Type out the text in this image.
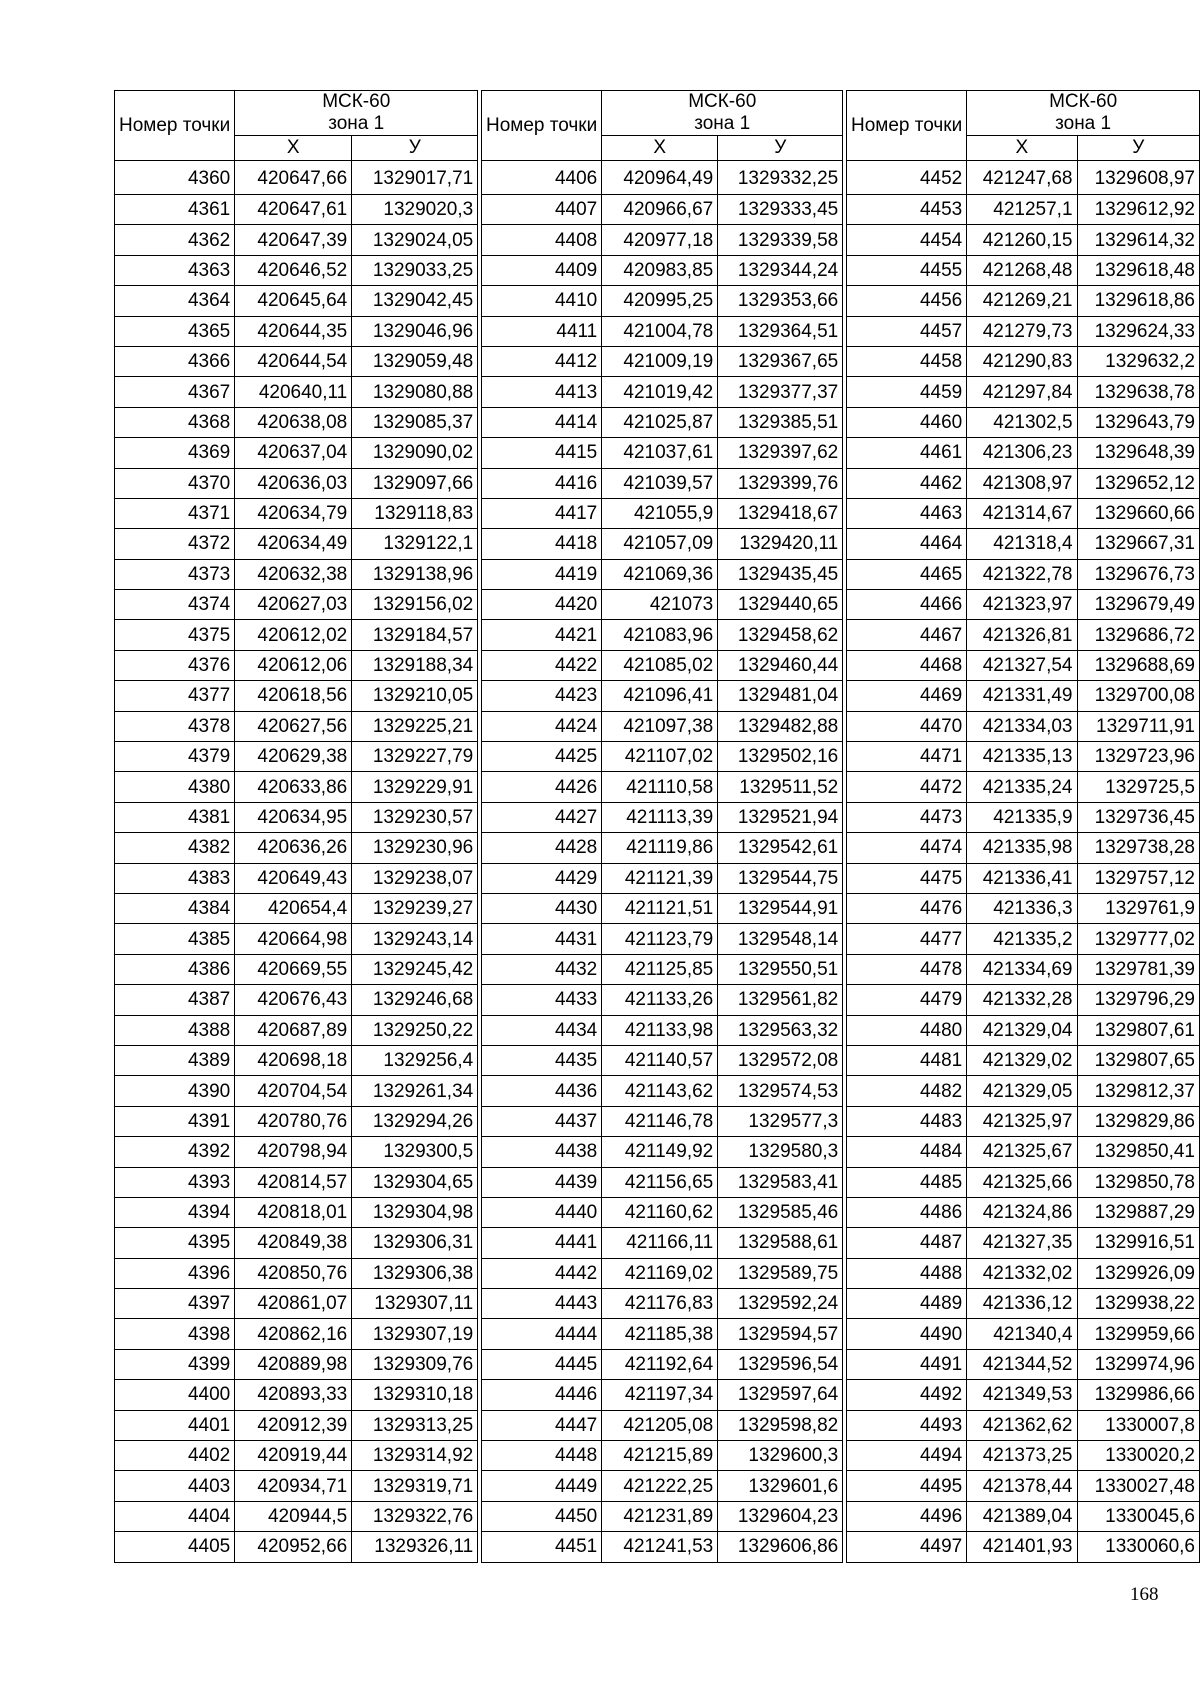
Номер точки	МСК-60
зона 1	
	X	У
4360	420647,66	1329017,71
4361	420647,61	1329020,3
4362	420647,39	1329024,05
4363	420646,52	1329033,25
4364	420645,64	1329042,45
4365	420644,35	1329046,96
4366	420644,54	1329059,48
4367	420640,11	1329080,88
4368	420638,08	1329085,37
4369	420637,04	1329090,02
4370	420636,03	1329097,66
4371	420634,79	1329118,83
4372	420634,49	1329122,1
4373	420632,38	1329138,96
4374	420627,03	1329156,02
4375	420612,02	1329184,57
4376	420612,06	1329188,34
4377	420618,56	1329210,05
4378	420627,56	1329225,21
4379	420629,38	1329227,79
4380	420633,86	1329229,91
4381	420634,95	1329230,57
4382	420636,26	1329230,96
4383	420649,43	1329238,07
4384	420654,4	1329239,27
4385	420664,98	1329243,14
4386	420669,55	1329245,42
4387	420676,43	1329246,68
4388	420687,89	1329250,22
4389	420698,18	1329256,4
4390	420704,54	1329261,34
4391	420780,76	1329294,26
4392	420798,94	1329300,5
4393	420814,57	1329304,65
4394	420818,01	1329304,98
4395	420849,38	1329306,31
4396	420850,76	1329306,38
4397	420861,07	1329307,11
4398	420862,16	1329307,19
4399	420889,98	1329309,76
4400	420893,33	1329310,18
4401	420912,39	1329313,25
4402	420919,44	1329314,92
4403	420934,71	1329319,71
4404	420944,5	1329322,76
4405	420952,66	1329326,11
Номер точки	МСК-60
зона 1	
	X	У
4406	420964,49	1329332,25
4407	420966,67	1329333,45
4408	420977,18	1329339,58
4409	420983,85	1329344,24
4410	420995,25	1329353,66
4411	421004,78	1329364,51
4412	421009,19	1329367,65
4413	421019,42	1329377,37
4414	421025,87	1329385,51
4415	421037,61	1329397,62
4416	421039,57	1329399,76
4417	421055,9	1329418,67
4418	421057,09	1329420,11
4419	421069,36	1329435,45
4420	421073	1329440,65
4421	421083,96	1329458,62
4422	421085,02	1329460,44
4423	421096,41	1329481,04
4424	421097,38	1329482,88
4425	421107,02	1329502,16
4426	421110,58	1329511,52
4427	421113,39	1329521,94
4428	421119,86	1329542,61
4429	421121,39	1329544,75
4430	421121,51	1329544,91
4431	421123,79	1329548,14
4432	421125,85	1329550,51
4433	421133,26	1329561,82
4434	421133,98	1329563,32
4435	421140,57	1329572,08
4436	421143,62	1329574,53
4437	421146,78	1329577,3
4438	421149,92	1329580,3
4439	421156,65	1329583,41
4440	421160,62	1329585,46
4441	421166,11	1329588,61
4442	421169,02	1329589,75
4443	421176,83	1329592,24
4444	421185,38	1329594,57
4445	421192,64	1329596,54
4446	421197,34	1329597,64
4447	421205,08	1329598,82
4448	421215,89	1329600,3
4449	421222,25	1329601,6
4450	421231,89	1329604,23
4451	421241,53	1329606,86
Номер точки	МСК-60
зона 1	
	X	У
4452	421247,68	1329608,97
4453	421257,1	1329612,92
4454	421260,15	1329614,32
4455	421268,48	1329618,48
4456	421269,21	1329618,86
4457	421279,73	1329624,33
4458	421290,83	1329632,2
4459	421297,84	1329638,78
4460	421302,5	1329643,79
4461	421306,23	1329648,39
4462	421308,97	1329652,12
4463	421314,67	1329660,66
4464	421318,4	1329667,31
4465	421322,78	1329676,73
4466	421323,97	1329679,49
4467	421326,81	1329686,72
4468	421327,54	1329688,69
4469	421331,49	1329700,08
4470	421334,03	1329711,91
4471	421335,13	1329723,96
4472	421335,24	1329725,5
4473	421335,9	1329736,45
4474	421335,98	1329738,28
4475	421336,41	1329757,12
4476	421336,3	1329761,9
4477	421335,2	1329777,02
4478	421334,69	1329781,39
4479	421332,28	1329796,29
4480	421329,04	1329807,61
4481	421329,02	1329807,65
4482	421329,05	1329812,37
4483	421325,97	1329829,86
4484	421325,67	1329850,41
4485	421325,66	1329850,78
4486	421324,86	1329887,29
4487	421327,35	1329916,51
4488	421332,02	1329926,09
4489	421336,12	1329938,22
4490	421340,4	1329959,66
4491	421344,52	1329974,96
4492	421349,53	1329986,66
4493	421362,62	1330007,8
4494	421373,25	1330020,2
4495	421378,44	1330027,48
4496	421389,04	1330045,6
4497	421401,93	1330060,6
168
